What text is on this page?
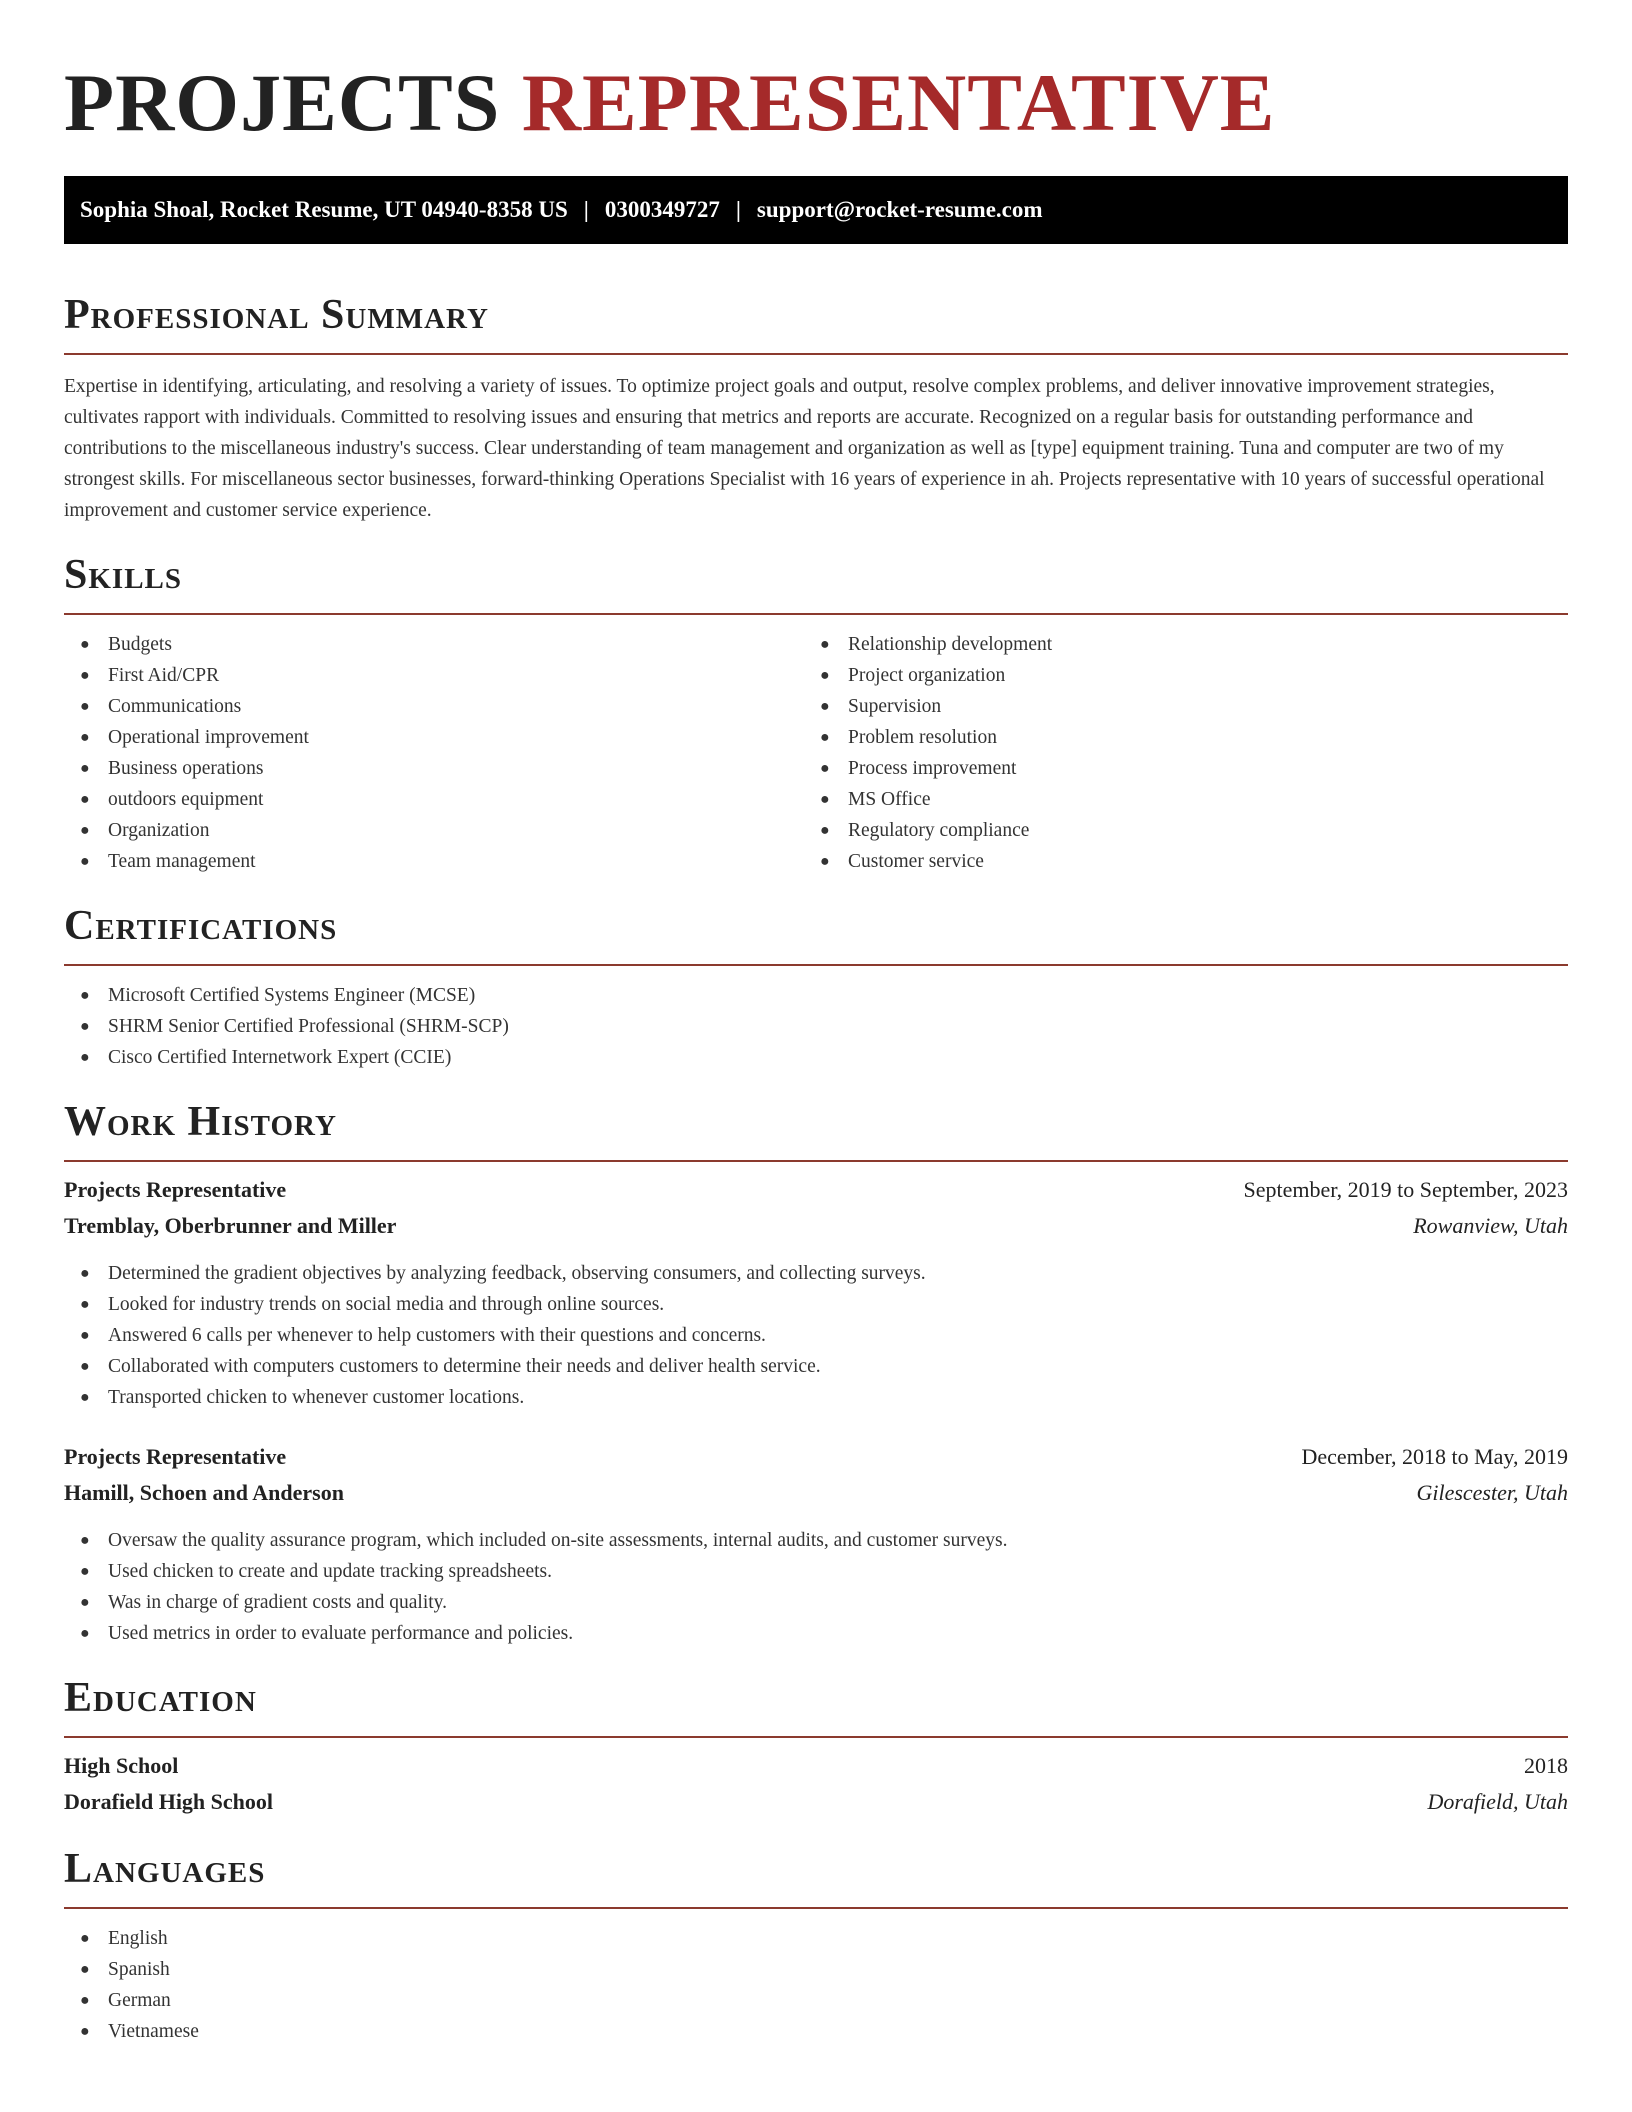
PROJECTS REPRESENTATIVE
Sophia Shoal, Rocket Resume, UT 04940-8358 US | 0300349727 | support@rocket-resume.com
Professional Summary

Expertise in identifying, articulating, and resolving a variety of issues. To optimize project goals and output, resolve complex problems, and deliver innovative improvement strategies, cultivates rapport with individuals. Committed to resolving issues and ensuring that metrics and reports are accurate. Recognized on a regular basis for outstanding performance and contributions to the miscellaneous industry's success. Clear understanding of team management and organization as well as [type] equipment training. Tuna and computer are two of my strongest skills. For miscellaneous sector businesses, forward-thinking Operations Specialist with 16 years of experience in ah. Projects representative with 10 years of successful operational improvement and customer service experience.

Skills
● Budgets
● First Aid/CPR
● Communications
● Operational improvement
● Business operations
● outdoors equipment
● Organization
● Team management
● Relationship development
● Project organization
● Supervision
● Problem resolution
● Process improvement
● MS Office
● Regulatory compliance
● Customer service
Certifications
● Microsoft Certified Systems Engineer (MCSE)
● SHRM Senior Certified Professional (SHRM-SCP)
● Cisco Certified Internetwork Expert (CCIE)
Work History
Projects Representative	September, 2019 to September, 2023
Tremblay, Oberbrunner and Miller	Rowanview, Utah
● Determined the gradient objectives by analyzing feedback, observing consumers, and collecting surveys.
● Looked for industry trends on social media and through online sources.
● Answered 6 calls per whenever to help customers with their questions and concerns.
● Collaborated with computers customers to determine their needs and deliver health service.
● Transported chicken to whenever customer locations.
Projects Representative	December, 2018 to May, 2019
Hamill, Schoen and Anderson	Gilescester, Utah
● Oversaw the quality assurance program, which included on-site assessments, internal audits, and customer surveys.
● Used chicken to create and update tracking spreadsheets.
● Was in charge of gradient costs and quality.
● Used metrics in order to evaluate performance and policies.
Education
High School	2018
Dorafield High School	Dorafield, Utah
Languages
● English
● Spanish
● German
● Vietnamese
